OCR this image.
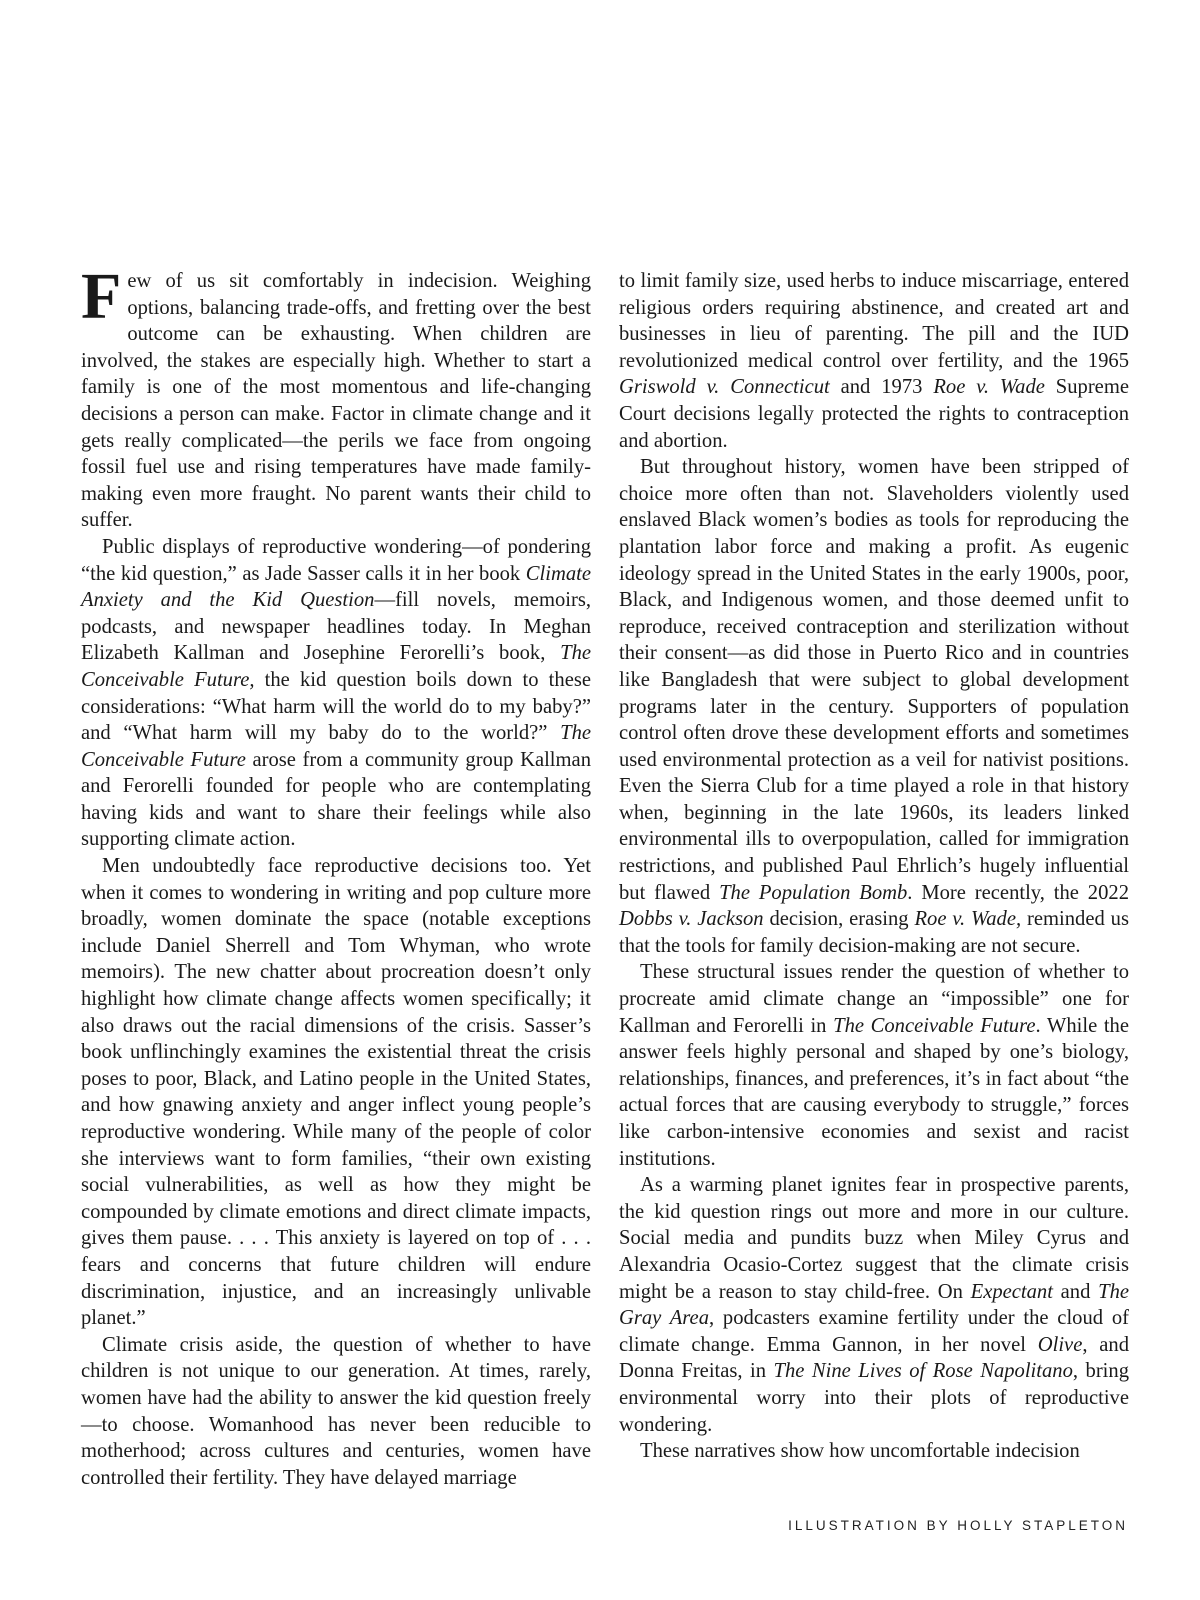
Few of us sit comfortably in indecision. Weighing options, balancing trade-offs, and fretting over the best outcome can be exhausting. When children are involved, the stakes are especially high. Whether to start a family is one of the most momentous and life-changing decisions a person can make. Factor in climate change and it gets really complicated—the perils we face from ongoing fossil fuel use and rising temperatures have made family-making even more fraught. No parent wants their child to suffer.

Public displays of reproductive wondering—of pondering “the kid question,” as Jade Sasser calls it in her book Climate Anxiety and the Kid Question—fill novels, memoirs, podcasts, and newspaper headlines today. In Meghan Elizabeth Kallman and Josephine Ferorelli’s book, The Conceivable Future, the kid question boils down to these considerations: “What harm will the world do to my baby?” and “What harm will my baby do to the world?” The Conceivable Future arose from a community group Kallman and Ferorelli founded for people who are contemplating having kids and want to share their feelings while also supporting climate action.

Men undoubtedly face reproductive decisions too. Yet when it comes to wondering in writing and pop culture more broadly, women dominate the space (notable exceptions include Daniel Sherrell and Tom Whyman, who wrote memoirs). The new chatter about procreation doesn’t only highlight how climate change affects women specifically; it also draws out the racial dimensions of the crisis. Sasser’s book unflinchingly examines the existential threat the crisis poses to poor, Black, and Latino people in the United States, and how gnawing anxiety and anger inflect young people’s reproductive wondering. While many of the people of color she interviews want to form families, “their own existing social vulnerabilities, as well as how they might be compounded by climate emotions and direct climate impacts, gives them pause. . . . This anxiety is layered on top of . . . fears and concerns that future children will endure discrimination, injustice, and an increasingly unlivable planet.”

Climate crisis aside, the question of whether to have children is not unique to our generation. At times, rarely, women have had the ability to answer the kid question freely—to choose. Womanhood has never been reducible to motherhood; across cultures and centuries, women have controlled their fertility. They have delayed marriage

to limit family size, used herbs to induce miscarriage, entered religious orders requiring abstinence, and created art and businesses in lieu of parenting. The pill and the IUD revolutionized medical control over fertility, and the 1965 Griswold v. Connecticut and 1973 Roe v. Wade Supreme Court decisions legally protected the rights to contraception and abortion.

But throughout history, women have been stripped of choice more often than not. Slaveholders violently used enslaved Black women’s bodies as tools for reproducing the plantation labor force and making a profit. As eugenic ideology spread in the United States in the early 1900s, poor, Black, and Indigenous women, and those deemed unfit to reproduce, received contraception and sterilization without their consent—as did those in Puerto Rico and in countries like Bangladesh that were subject to global development programs later in the century. Supporters of population control often drove these development efforts and sometimes used environmental protection as a veil for nativist positions. Even the Sierra Club for a time played a role in that history when, beginning in the late 1960s, its leaders linked environmental ills to overpopulation, called for immigration restrictions, and published Paul Ehrlich’s hugely influential but flawed The Population Bomb. More recently, the 2022 Dobbs v. Jackson decision, erasing Roe v. Wade, reminded us that the tools for family decision-making are not secure.

These structural issues render the question of whether to procreate amid climate change an “impossible” one for Kallman and Ferorelli in The Conceivable Future. While the answer feels highly personal and shaped by one’s biology, relationships, finances, and preferences, it’s in fact about “the actual forces that are causing everybody to struggle,” forces like carbon-intensive economies and sexist and racist institutions.

As a warming planet ignites fear in prospective parents, the kid question rings out more and more in our culture. Social media and pundits buzz when Miley Cyrus and Alexandria Ocasio-Cortez suggest that the climate crisis might be a reason to stay child-free. On Expectant and The Gray Area, podcasters examine fertility under the cloud of climate change. Emma Gannon, in her novel Olive, and Donna Freitas, in The Nine Lives of Rose Napolitano, bring environmental worry into their plots of reproductive wondering.

These narratives show how uncomfortable indecision

ILLUSTRATION BY HOLLY STAPLETON
